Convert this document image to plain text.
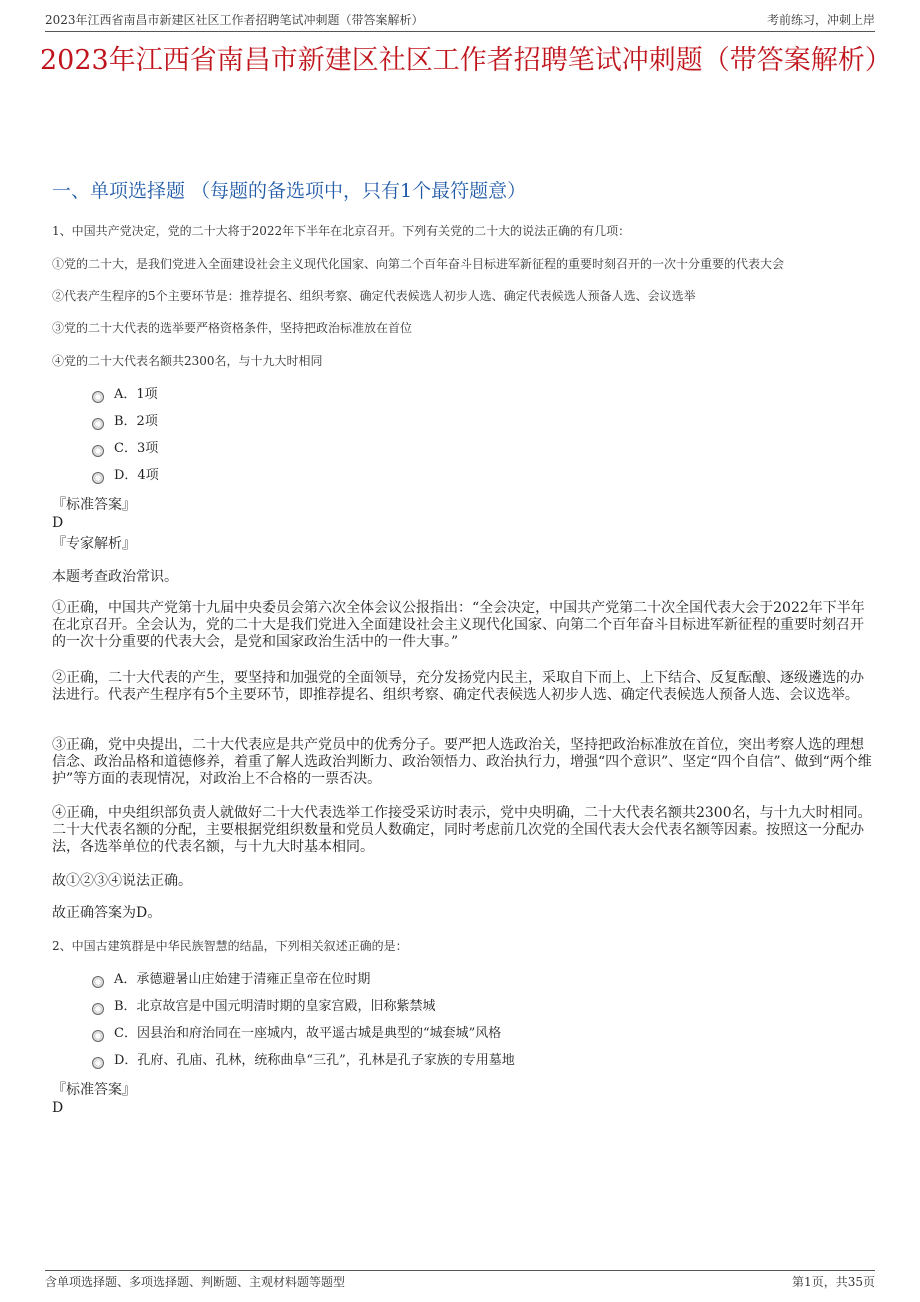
2023年江西省南昌市新建区社区工作者招聘笔试冲刺题（带答案解析）	考前练习，冲刺上岸
2023年江西省南昌市新建区社区工作者招聘笔试冲刺题（带答案解析）
一、单项选择题 （每题的备选项中，只有1个最符题意）
1、中国共产党决定，党的二十大将于2022年下半年在北京召开。下列有关党的二十大的说法正确的有几项：
①党的二十大，是我们党进入全面建设社会主义现代化国家、向第二个百年奋斗目标进军新征程的重要时刻召开的一次十分重要的代表大会
②代表产生程序的5个主要环节是：推荐提名、组织考察、确定代表候选人初步人选、确定代表候选人预备人选、会议选举
③党的二十大代表的选举要严格资格条件，坚持把政治标准放在首位
④党的二十大代表名额共2300名，与十九大时相同
A．1项
B．2项
C．3项
D．4项
『标准答案』
D
『专家解析』
本题考查政治常识。
①正确，中国共产党第十九届中央委员会第六次全体会议公报指出：“全会决定，中国共产党第二十次全国代表大会于2022年下半年在北京召开。全会认为，党的二十大是我们党进入全面建设社会主义现代化国家、向第二个百年奋斗目标进军新征程的重要时刻召开的一次十分重要的代表大会，是党和国家政治生活中的一件大事。”
②正确，二十大代表的产生，要坚持和加强党的全面领导，充分发扬党内民主，采取自下而上、上下结合、反复酝酿、逐级遴选的办法进行。代表产生程序有5个主要环节，即推荐提名、组织考察、确定代表候选人初步人选、确定代表候选人预备人选、会议选举。
③正确，党中央提出，二十大代表应是共产党员中的优秀分子。要严把人选政治关，坚持把政治标准放在首位，突出考察人选的理想信念、政治品格和道德修养，着重了解人选政治判断力、政治领悟力、政治执行力，增强“四个意识”、坚定“四个自信”、做到“两个维护”等方面的表现情况，对政治上不合格的一票否决。
④正确，中央组织部负责人就做好二十大代表选举工作接受采访时表示，党中央明确，二十大代表名额共2300名，与十九大时相同。二十大代表名额的分配，主要根据党组织数量和党员人数确定，同时考虑前几次党的全国代表大会代表名额等因素。按照这一分配办法，各选举单位的代表名额，与十九大时基本相同。
故①②③④说法正确。
故正确答案为D。
2、中国古建筑群是中华民族智慧的结晶，下列相关叙述正确的是：
A．承德避暑山庄始建于清雍正皇帝在位时期
B．北京故宫是中国元明清时期的皇家宫殿，旧称紫禁城
C．因县治和府治同在一座城内，故平遥古城是典型的“城套城”风格
D．孔府、孔庙、孔林，统称曲阜“三孔”，孔林是孔子家族的专用墓地
『标准答案』
D
含单项选择题、多项选择题、判断题、主观材料题等题型	第1页，共35页
